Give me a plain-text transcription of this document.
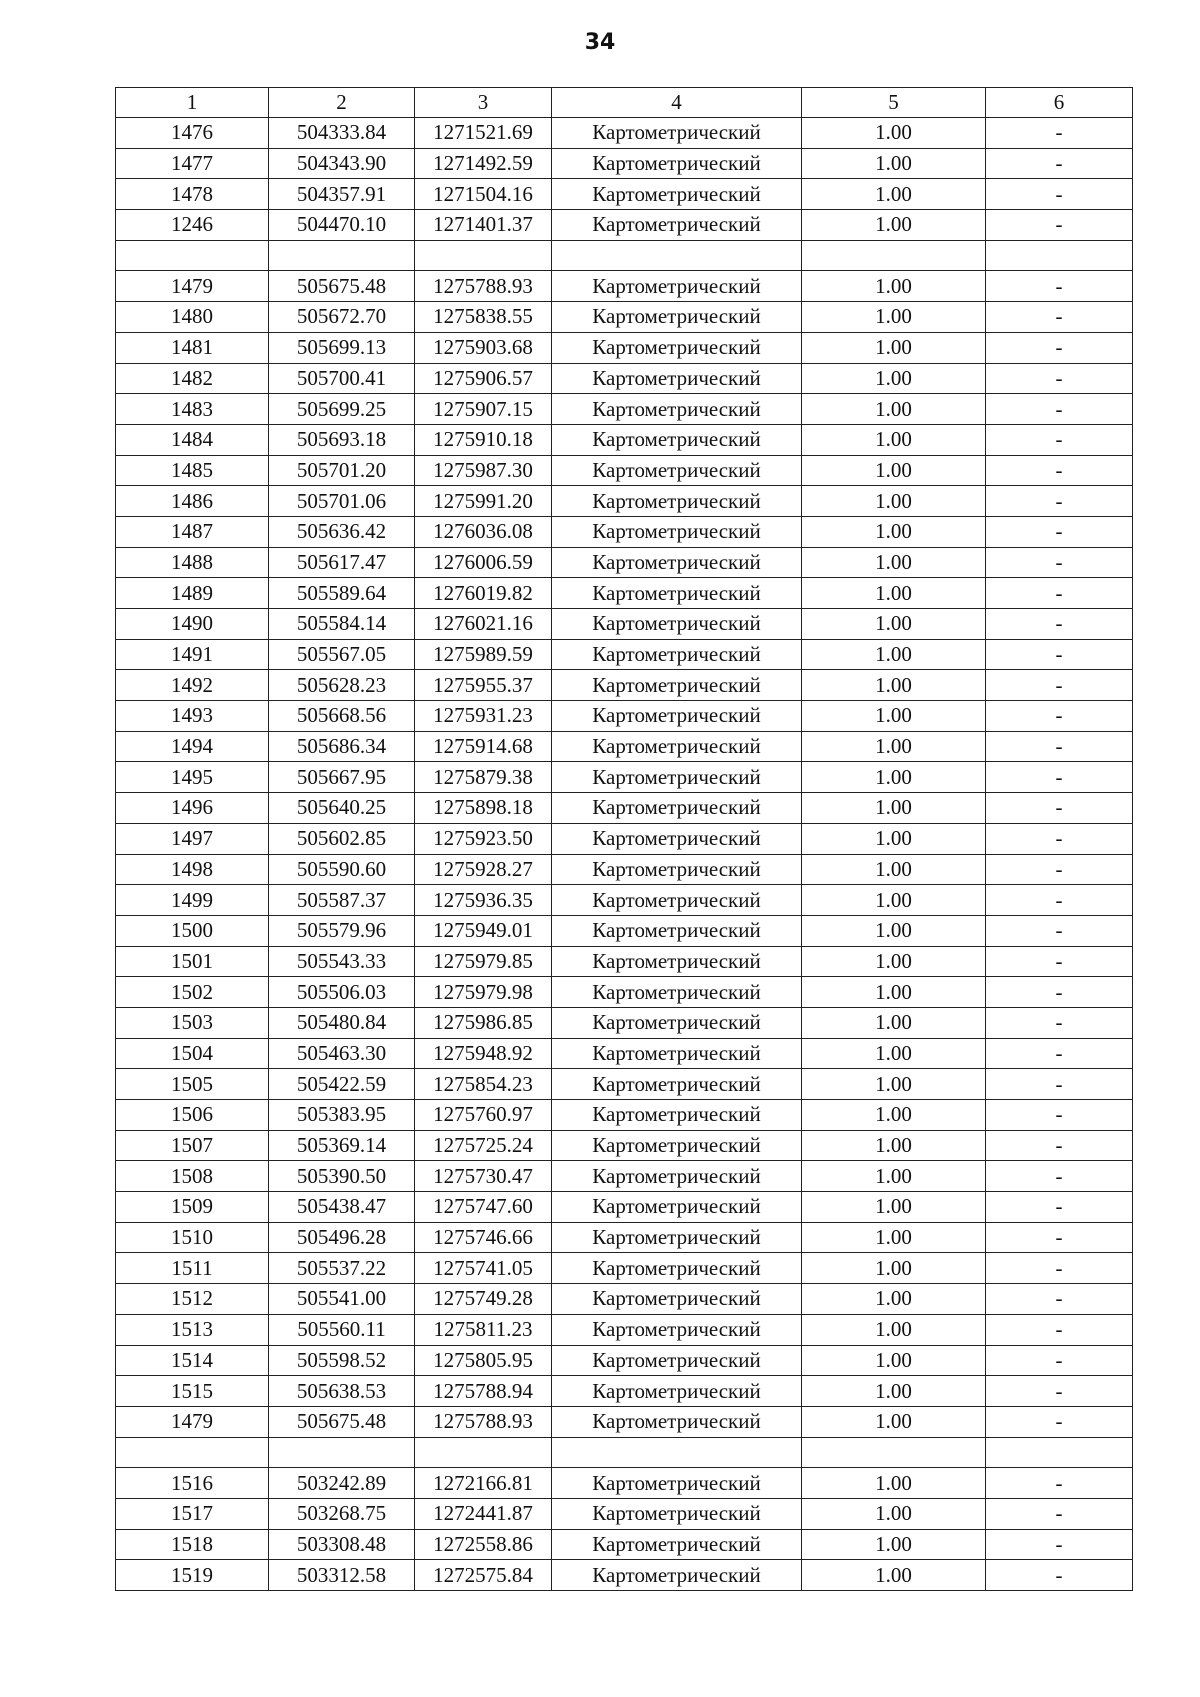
34
1	2	3	4	5	6
1476	504333.84	1271521.69	Картометрический	1.00	-
1477	504343.90	1271492.59	Картометрический	1.00	-
1478	504357.91	1271504.16	Картометрический	1.00	-
1246	504470.10	1271401.37	Картометрический	1.00	-

1479	505675.48	1275788.93	Картометрический	1.00	-
1480	505672.70	1275838.55	Картометрический	1.00	-
1481	505699.13	1275903.68	Картометрический	1.00	-
1482	505700.41	1275906.57	Картометрический	1.00	-
1483	505699.25	1275907.15	Картометрический	1.00	-
1484	505693.18	1275910.18	Картометрический	1.00	-
1485	505701.20	1275987.30	Картометрический	1.00	-
1486	505701.06	1275991.20	Картометрический	1.00	-
1487	505636.42	1276036.08	Картометрический	1.00	-
1488	505617.47	1276006.59	Картометрический	1.00	-
1489	505589.64	1276019.82	Картометрический	1.00	-
1490	505584.14	1276021.16	Картометрический	1.00	-
1491	505567.05	1275989.59	Картометрический	1.00	-
1492	505628.23	1275955.37	Картометрический	1.00	-
1493	505668.56	1275931.23	Картометрический	1.00	-
1494	505686.34	1275914.68	Картометрический	1.00	-
1495	505667.95	1275879.38	Картометрический	1.00	-
1496	505640.25	1275898.18	Картометрический	1.00	-
1497	505602.85	1275923.50	Картометрический	1.00	-
1498	505590.60	1275928.27	Картометрический	1.00	-
1499	505587.37	1275936.35	Картометрический	1.00	-
1500	505579.96	1275949.01	Картометрический	1.00	-
1501	505543.33	1275979.85	Картометрический	1.00	-
1502	505506.03	1275979.98	Картометрический	1.00	-
1503	505480.84	1275986.85	Картометрический	1.00	-
1504	505463.30	1275948.92	Картометрический	1.00	-
1505	505422.59	1275854.23	Картометрический	1.00	-
1506	505383.95	1275760.97	Картометрический	1.00	-
1507	505369.14	1275725.24	Картометрический	1.00	-
1508	505390.50	1275730.47	Картометрический	1.00	-
1509	505438.47	1275747.60	Картометрический	1.00	-
1510	505496.28	1275746.66	Картометрический	1.00	-
1511	505537.22	1275741.05	Картометрический	1.00	-
1512	505541.00	1275749.28	Картометрический	1.00	-
1513	505560.11	1275811.23	Картометрический	1.00	-
1514	505598.52	1275805.95	Картометрический	1.00	-
1515	505638.53	1275788.94	Картометрический	1.00	-
1479	505675.48	1275788.93	Картометрический	1.00	-

1516	503242.89	1272166.81	Картометрический	1.00	-
1517	503268.75	1272441.87	Картометрический	1.00	-
1518	503308.48	1272558.86	Картометрический	1.00	-
1519	503312.58	1272575.84	Картометрический	1.00	-
